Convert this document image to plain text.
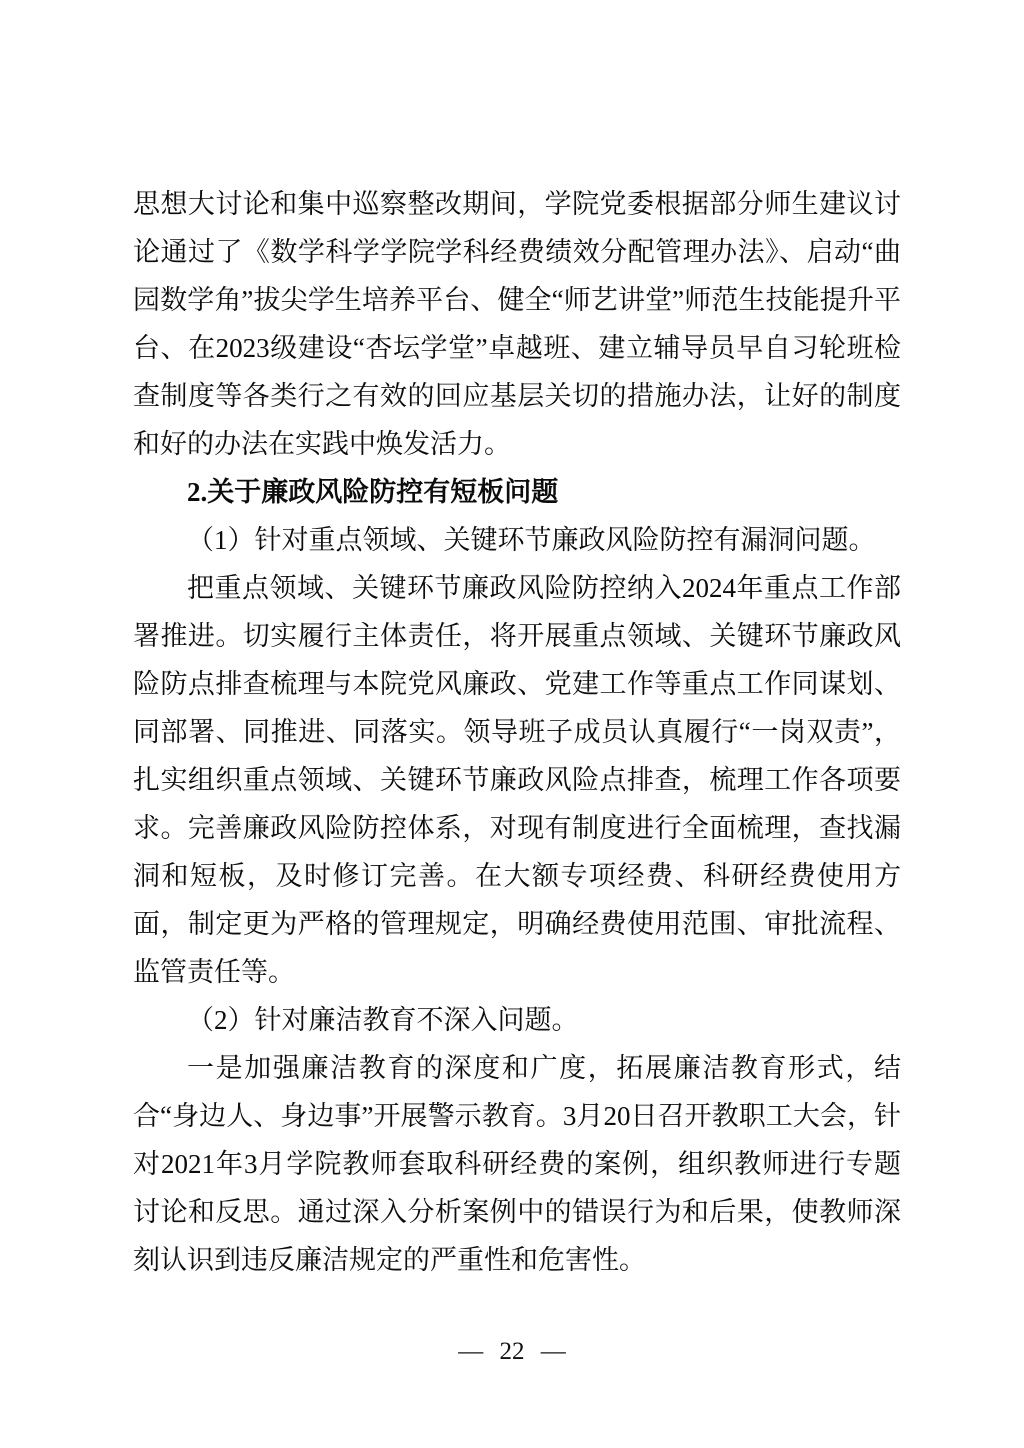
思想大讨论和集中巡察整改期间，学院党委根据部分师生建议讨论通过了《数学科学学院学科经费绩效分配管理办法》、启动“曲园数学角”拔尖学生培养平台、健全“师艺讲堂”师范生技能提升平台、在2023级建设“杏坛学堂”卓越班、建立辅导员早自习轮班检查制度等各类行之有效的回应基层关切的措施办法，让好的制度和好的办法在实践中焕发活力。

2.关于廉政风险防控有短板问题

（1）针对重点领域、关键环节廉政风险防控有漏洞问题。

把重点领域、关键环节廉政风险防控纳入2024年重点工作部署推进。切实履行主体责任，将开展重点领域、关键环节廉政风险防点排查梳理与本院党风廉政、党建工作等重点工作同谋划、同部署、同推进、同落实。领导班子成员认真履行“一岗双责”，扎实组织重点领域、关键环节廉政风险点排查，梳理工作各项要求。完善廉政风险防控体系，对现有制度进行全面梳理，查找漏洞和短板，及时修订完善。在大额专项经费、科研经费使用方面，制定更为严格的管理规定，明确经费使用范围、审批流程、监管责任等。

（2）针对廉洁教育不深入问题。

一是加强廉洁教育的深度和广度，拓展廉洁教育形式，结合“身边人、身边事”开展警示教育。3月20日召开教职工大会，针对2021年3月学院教师套取科研经费的案例，组织教师进行专题讨论和反思。通过深入分析案例中的错误行为和后果，使教师深刻认识到违反廉洁规定的严重性和危害性。

— 22 —
